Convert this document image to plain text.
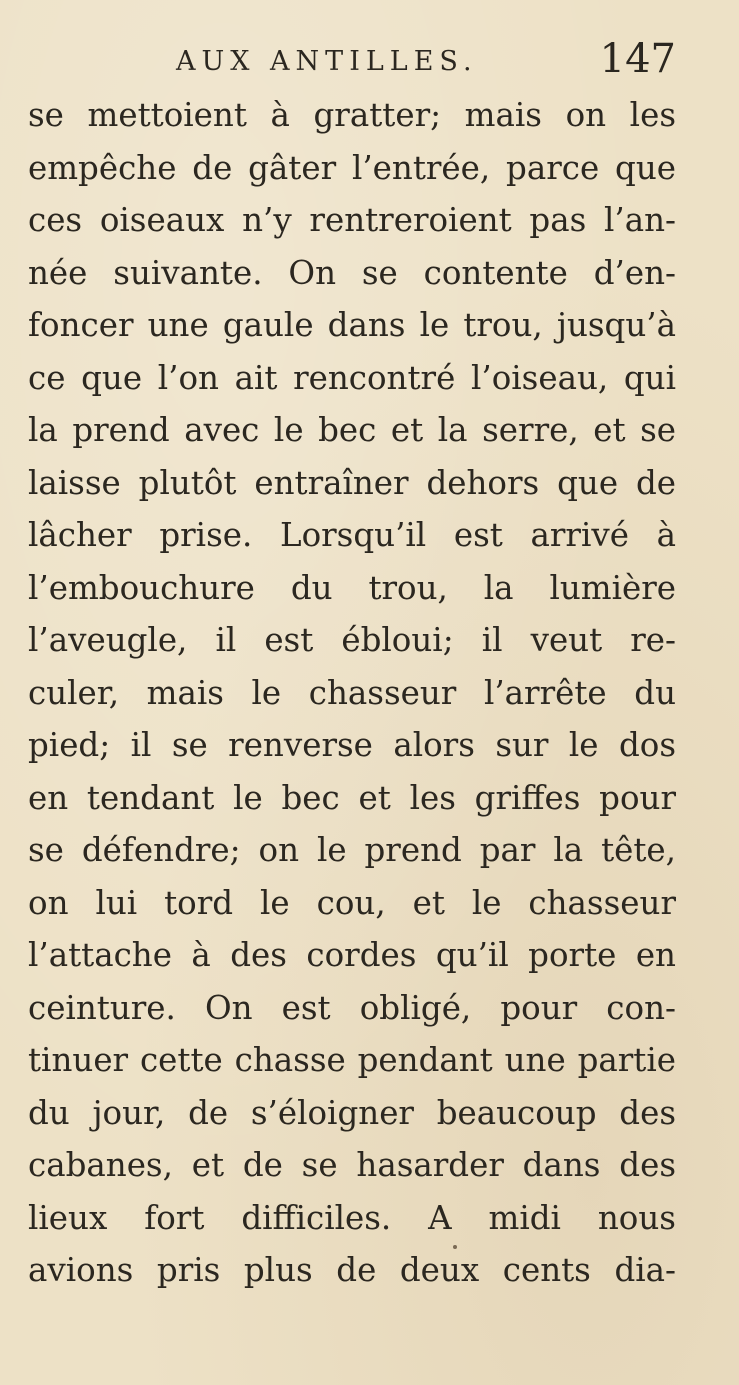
AUX ANTILLES.	147
se mettoient à gratter; mais on les
empêche de gâter l’entrée, parce que
ces oiseaux n’y rentreroient pas l’an-
née suivante. On se contente d’en-
foncer une gaule dans le trou, jusqu’à
ce que l’on ait rencontré l’oiseau, qui
la prend avec le bec et la serre, et se
laisse plutôt entraîner dehors que de
lâcher prise. Lorsqu’il est arrivé à
l’embouchure du trou, la lumière
l’aveugle, il est ébloui; il veut re-
culer, mais le chasseur l’arrête du
pied; il se renverse alors sur le dos
en tendant le bec et les griffes pour
se défendre; on le prend par la tête,
on lui tord le cou, et le chasseur
l’attache à des cordes qu’il porte en
ceinture. On est obligé, pour con-
tinuer cette chasse pendant une partie
du jour, de s’éloigner beaucoup des
cabanes, et de se hasarder dans des
lieux fort difficiles. A midi nous
avions pris plus de deux cents dia-
